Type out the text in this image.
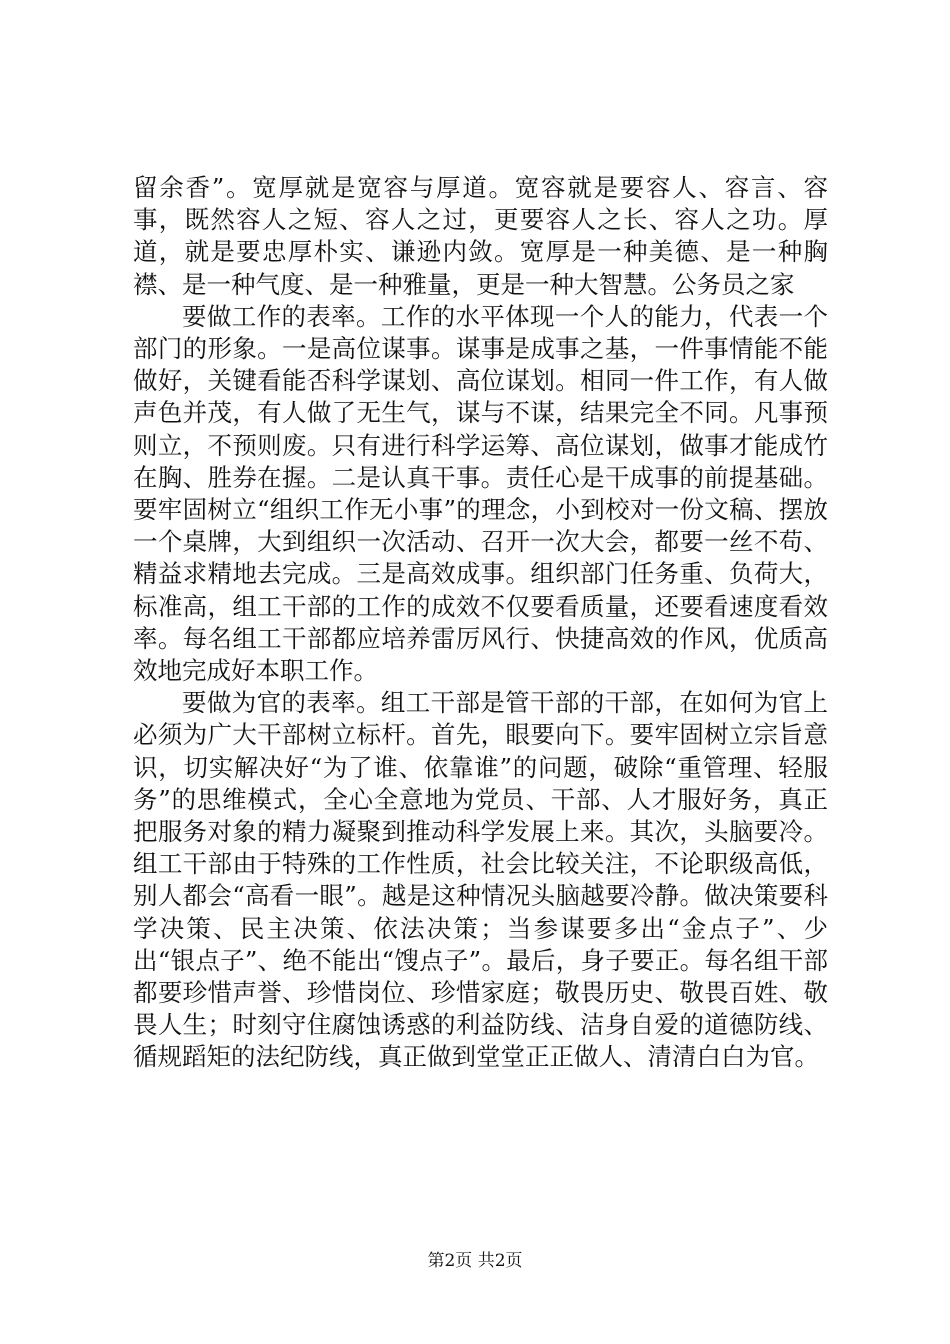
留余香”。宽厚就是宽容与厚道。宽容就是要容人、容言、容事，既然容人之短、容人之过，更要容人之长、容人之功。厚道，就是要忠厚朴实、谦逊内敛。宽厚是一种美德、是一种胸襟、是一种气度、是一种雅量，更是一种大智慧。公务员之家

要做工作的表率。工作的水平体现一个人的能力，代表一个部门的形象。一是高位谋事。谋事是成事之基，一件事情能不能做好，关键看能否科学谋划、高位谋划。相同一件工作，有人做声色并茂，有人做了无生气，谋与不谋，结果完全不同。凡事预则立，不预则废。只有进行科学运筹、高位谋划，做事才能成竹在胸、胜券在握。二是认真干事。责任心是干成事的前提基础。要牢固树立“组织工作无小事”的理念，小到校对一份文稿、摆放一个桌牌，大到组织一次活动、召开一次大会，都要一丝不苟、精益求精地去完成。三是高效成事。组织部门任务重、负荷大，标准高，组工干部的工作的成效不仅要看质量，还要看速度看效率。每名组工干部都应培养雷厉风行、快捷高效的作风，优质高效地完成好本职工作。

要做为官的表率。组工干部是管干部的干部，在如何为官上必须为广大干部树立标杆。首先，眼要向下。要牢固树立宗旨意识，切实解决好“为了谁、依靠谁”的问题，破除“重管理、轻服务”的思维模式，全心全意地为党员、干部、人才服好务，真正把服务对象的精力凝聚到推动科学发展上来。其次，头脑要冷。组工干部由于特殊的工作性质，社会比较关注，不论职级高低，别人都会“高看一眼”。越是这种情况头脑越要冷静。做决策要科学决策、民主决策、依法决策；当参谋要多出“金点子”、少出“银点子”、绝不能出“馊点子”。最后，身子要正。每名组干部都要珍惜声誉、珍惜岗位、珍惜家庭；敬畏历史、敬畏百姓、敬畏人生；时刻守住腐蚀诱惑的利益防线、洁身自爱的道德防线、循规蹈矩的法纪防线，真正做到堂堂正正做人、清清白白为官。

第2页 共2页
